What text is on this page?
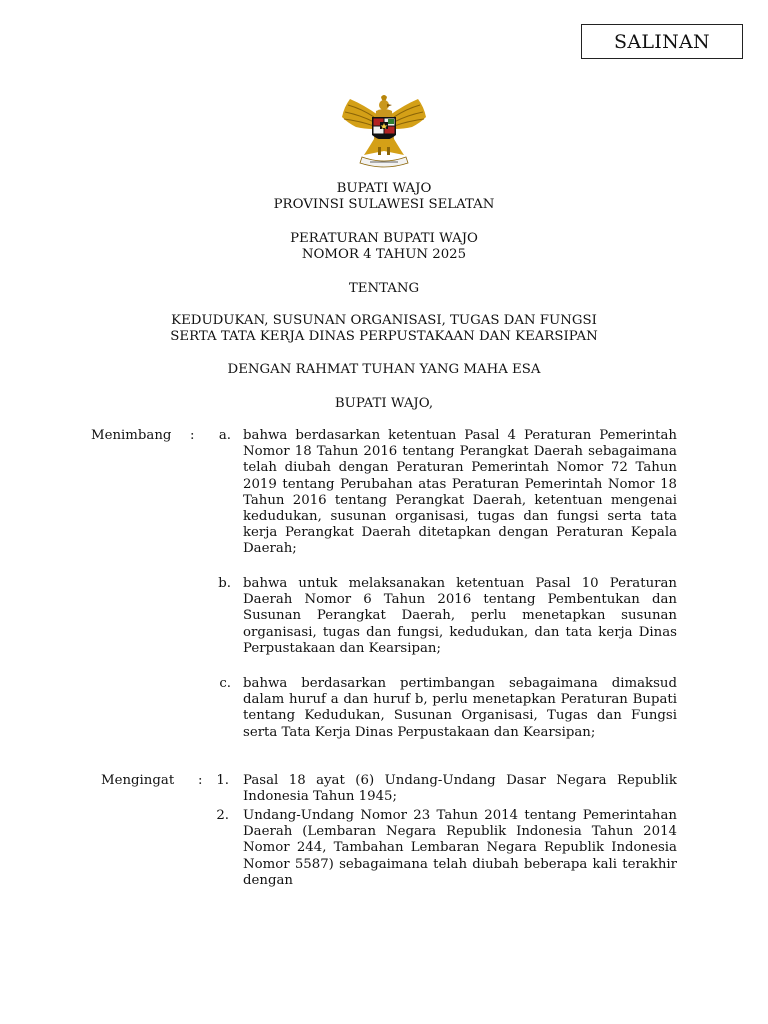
SALINAN
BUPATI WAJO
PROVINSI SULAWESI SELATAN
PERATURAN BUPATI WAJO
NOMOR 4 TAHUN 2025
TENTANG
KEDUDUKAN, SUSUNAN ORGANISASI, TUGAS DAN FUNGSI
SERTA TATA KERJA DINAS PERPUSTAKAAN DAN KEARSIPAN
DENGAN RAHMAT TUHAN YANG MAHA ESA
BUPATI WAJO,
Menimbang :	a. bahwa berdasarkan ketentuan Pasal 4 Peraturan Pemerintah Nomor 18 Tahun 2016 tentang Perangkat Daerah sebagaimana telah diubah dengan Peraturan Pemerintah Nomor 72 Tahun 2019 tentang Perubahan atas Peraturan Pemerintah Nomor 18 Tahun 2016 tentang Perangkat Daerah, ketentuan mengenai kedudukan, susunan organisasi, tugas dan fungsi serta tata kerja Perangkat Daerah ditetapkan dengan Peraturan Kepala Daerah;
b. bahwa untuk melaksanakan ketentuan Pasal 10 Peraturan Daerah Nomor 6 Tahun 2016 tentang Pembentukan dan Susunan Perangkat Daerah, perlu menetapkan susunan organisasi, tugas dan fungsi, kedudukan, dan tata kerja Dinas Perpustakaan dan Kearsipan;
c. bahwa berdasarkan pertimbangan sebagaimana dimaksud dalam huruf a dan huruf b, perlu menetapkan Peraturan Bupati tentang Kedudukan, Susunan Organisasi, Tugas dan Fungsi serta Tata Kerja Dinas Perpustakaan dan Kearsipan;
Mengingat :	1. Pasal 18 ayat (6) Undang-Undang Dasar Negara Republik Indonesia Tahun 1945;
2. Undang-Undang Nomor 23 Tahun 2014 tentang Pemerintahan Daerah (Lembaran Negara Republik Indonesia Tahun 2014 Nomor 244, Tambahan Lembaran Negara Republik Indonesia Nomor 5587) sebagaimana telah diubah beberapa kali terakhir dengan
